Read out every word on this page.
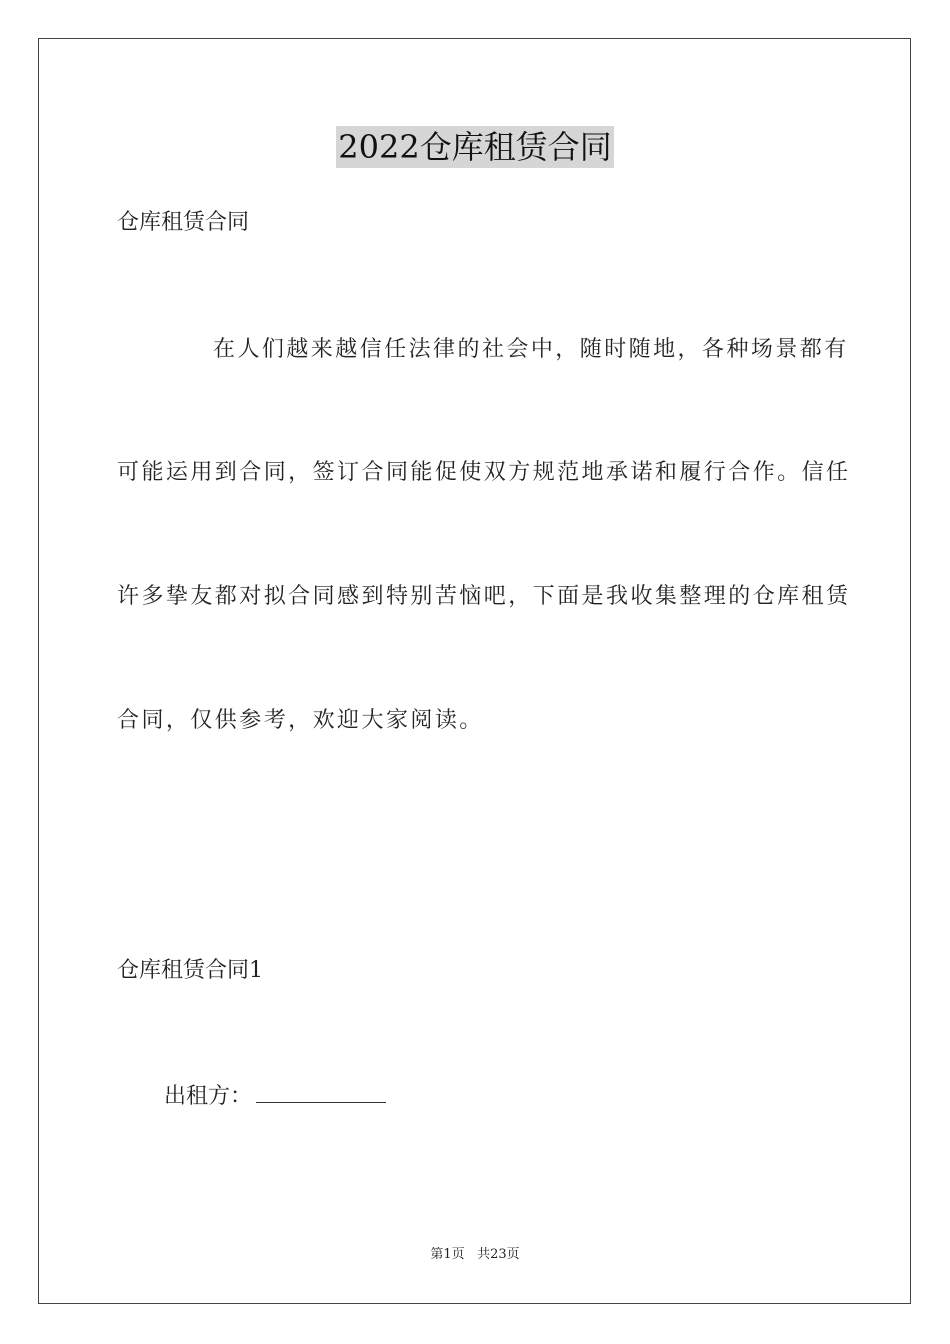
2022仓库租赁合同
仓库租赁合同
在人们越来越信任法律的社会中，随时随地，各种场景都有
可能运用到合同，签订合同能促使双方规范地承诺和履行合作。信任
许多挚友都对拟合同感到特别苦恼吧，下面是我收集整理的仓库租赁
合同，仅供参考，欢迎大家阅读。
仓库租赁合同1
出租方：
第1页 共23页
